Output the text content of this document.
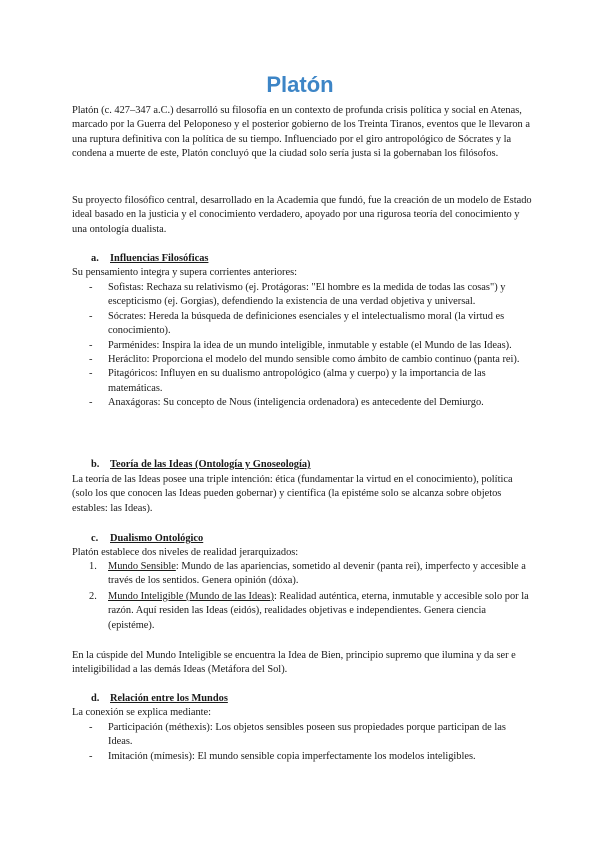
Platón

Platón (c. 427–347 a.C.) desarrolló su filosofía en un contexto de profunda crisis política y social en Atenas, marcado por la Guerra del Peloponeso y el posterior gobierno de los Treinta Tiranos, eventos que le llevaron a una ruptura definitiva con la política de su tiempo. Influenciado por el giro antropológico de Sócrates y la condena a muerte de este, Platón concluyó que la ciudad solo sería justa si la gobernaban los filósofos.

Su proyecto filosófico central, desarrollado en la Academia que fundó, fue la creación de un modelo de Estado ideal basado en la justicia y el conocimiento verdadero, apoyado por una rigurosa teoría del conocimiento y una ontología dualista.

a. Influencias Filosóficas
Su pensamiento integra y supera corrientes anteriores:
- Sofistas: Rechaza su relativismo (ej. Protágoras: "El hombre es la medida de todas las cosas") y escepticismo (ej. Gorgias), defendiendo la existencia de una verdad objetiva y universal.
- Sócrates: Hereda la búsqueda de definiciones esenciales y el intelectualismo moral (la virtud es conocimiento).
- Parménides: Inspira la idea de un mundo inteligible, inmutable y estable (el Mundo de las Ideas).
- Heráclito: Proporciona el modelo del mundo sensible como ámbito de cambio continuo (panta rei).
- Pitagóricos: Influyen en su dualismo antropológico (alma y cuerpo) y la importancia de las matemáticas.
- Anaxágoras: Su concepto de Nous (inteligencia ordenadora) es antecedente del Demiurgo.
b. Teoría de las Ideas (Ontología y Gnoseología)

La teoría de las Ideas posee una triple intención: ética (fundamentar la virtud en el conocimiento), política (solo los que conocen las Ideas pueden gobernar) y científica (la epistéme solo se alcanza sobre objetos estables: las Ideas).

c. Dualismo Ontológico
Platón establece dos niveles de realidad jerarquizados:
1. Mundo Sensible: Mundo de las apariencias, sometido al devenir (panta rei), imperfecto y accesible a través de los sentidos. Genera opinión (dóxa).
2. Mundo Inteligible (Mundo de las Ideas): Realidad auténtica, eterna, inmutable y accesible solo por la razón. Aquí residen las Ideas (eidós), realidades objetivas e independientes. Genera ciencia (epistéme).

En la cúspide del Mundo Inteligible se encuentra la Idea de Bien, principio supremo que ilumina y da ser e inteligibilidad a las demás Ideas (Metáfora del Sol).

d. Relación entre los Mundos
La conexión se explica mediante:
- Participación (méthexis): Los objetos sensibles poseen sus propiedades porque participan de las Ideas.
- Imitación (mímesis): El mundo sensible copia imperfectamente los modelos inteligibles.
